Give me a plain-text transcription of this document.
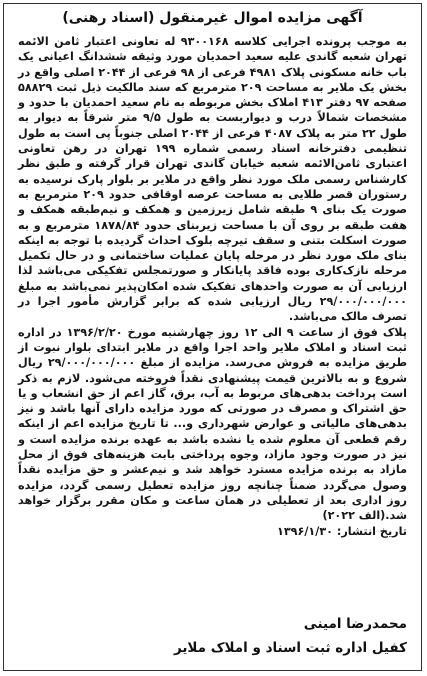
آگهی مزایده اموال غیرمنقول (اسناد رهنی)

به موجب پرونده اجرایی کلاسه ۹۳۰۰۱۶۸ له تعاونی اعتبار ثامن الائمه تهران شعبه گاندی علیه سعید احمدیان مورد وثیقه ششدانگ اعیانی یک باب خانه مسکونی پلاک ۴۹۸۱ فرعی از ۹۸ فرعی از ۲۰۴۴ اصلی واقع در بخش یک ملایر به مساحت ۲۰۹ مترمربع که سند مالکیت ذیل ثبت ۵۸۸۲۹ صفحه ۹۷ دفتر ۴۱۳ املاک بخش مربوطه به نام سعید احمدیان با حدود و مشخصات شمالاً درب و دیواربست به طول ۹/۵ متر شرقاً به دیوار به طول ۲۲ متر به پلاک ۴۰۸۷ فرعی از ۲۰۴۴ اصلی جنوباً پی است به طول تنظیمی دفترخانه اسناد رسمی شماره ۱۹۹ تهران در رهن تعاونی اعتباری ثامن‌الائمه شعبه خیابان گاندی تهران قرار گرفته و طبق نظر کارشناس رسمی ملک مورد نظر واقع در ملایر بر بلوار پارک نرسیده به رستوران قصر طلایی به مساحت عرصه اوقافی حدود ۲۰۹ مترمربع به صورت یک بنای ۹ طبقه شامل زیرزمین و همکف و نیم‌طبقه همکف و هفت طبقه بر روی آن با مساحت زیربنای حدود ۱۸۷۸/۸۴ مترمربع و به صورت اسکلت بتنی و سقف تیرچه بلوک احداث گردیده با توجه به اینکه بنای ملک مورد نظر در مرحله پایان عملیات ساختمانی و در حال تکمیل مرحله نازک‌کاری بوده فاقد پایانکار و صورتمجلس تفکیکی می‌باشد لذا ارزیابی آن به صورت واحدهای تفکیک شده امکان‌پذیر نمی‌باشد به مبلغ ۲۹/۰۰۰/۰۰۰/۰۰۰ ریال ارزیابی شده که برابر گزارش مأمور اجرا در تصرف مالک می‌باشد.

پلاک فوق از ساعت ۹ الی ۱۲ روز چهارشنبه مورخ ۱۳۹۶/۲/۲۰ در اداره ثبت اسناد و املاک ملایر واحد اجرا واقع در ملایر ابتدای بلوار نبوت از طریق مزایده به فروش می‌رسد. مزایده از مبلغ ۲۹/۰۰۰/۰۰۰/۰۰۰ ریال شروع و به بالاترین قیمت پیشنهادی نقداً فروخته می‌شود. لازم به ذکر است پرداخت بدهی‌های مربوط به آب، برق، گاز اعم از حق انشعاب و یا حق اشتراک و مصرف در صورتی که مورد مزایده دارای آنها باشد و نیز بدهی‌های مالیاتی و عوارض شهرداری و... تا تاریخ مزایده اعم از اینکه رقم قطعی آن معلوم شده یا نشده باشد به عهده برنده مزایده است و نیز در صورت وجود مازاد، وجوه پرداختی بابت هزینه‌های فوق از محل مازاد به برنده مزایده مسترد خواهد شد و نیم‌عشر و حق مزایده نقداً وصول می‌گردد ضمناً چنانچه روز مزایده تعطیل رسمی گردد، مزایده روز اداری بعد از تعطیلی در همان ساعت و مکان مقرر برگزار خواهد شد.(الف ۲۰۲۲)

تاریخ انتشار: ۱۳۹۶/۱/۳۰

محمدرضا امینی
کفیل اداره ثبت اسناد و املاک ملایر
